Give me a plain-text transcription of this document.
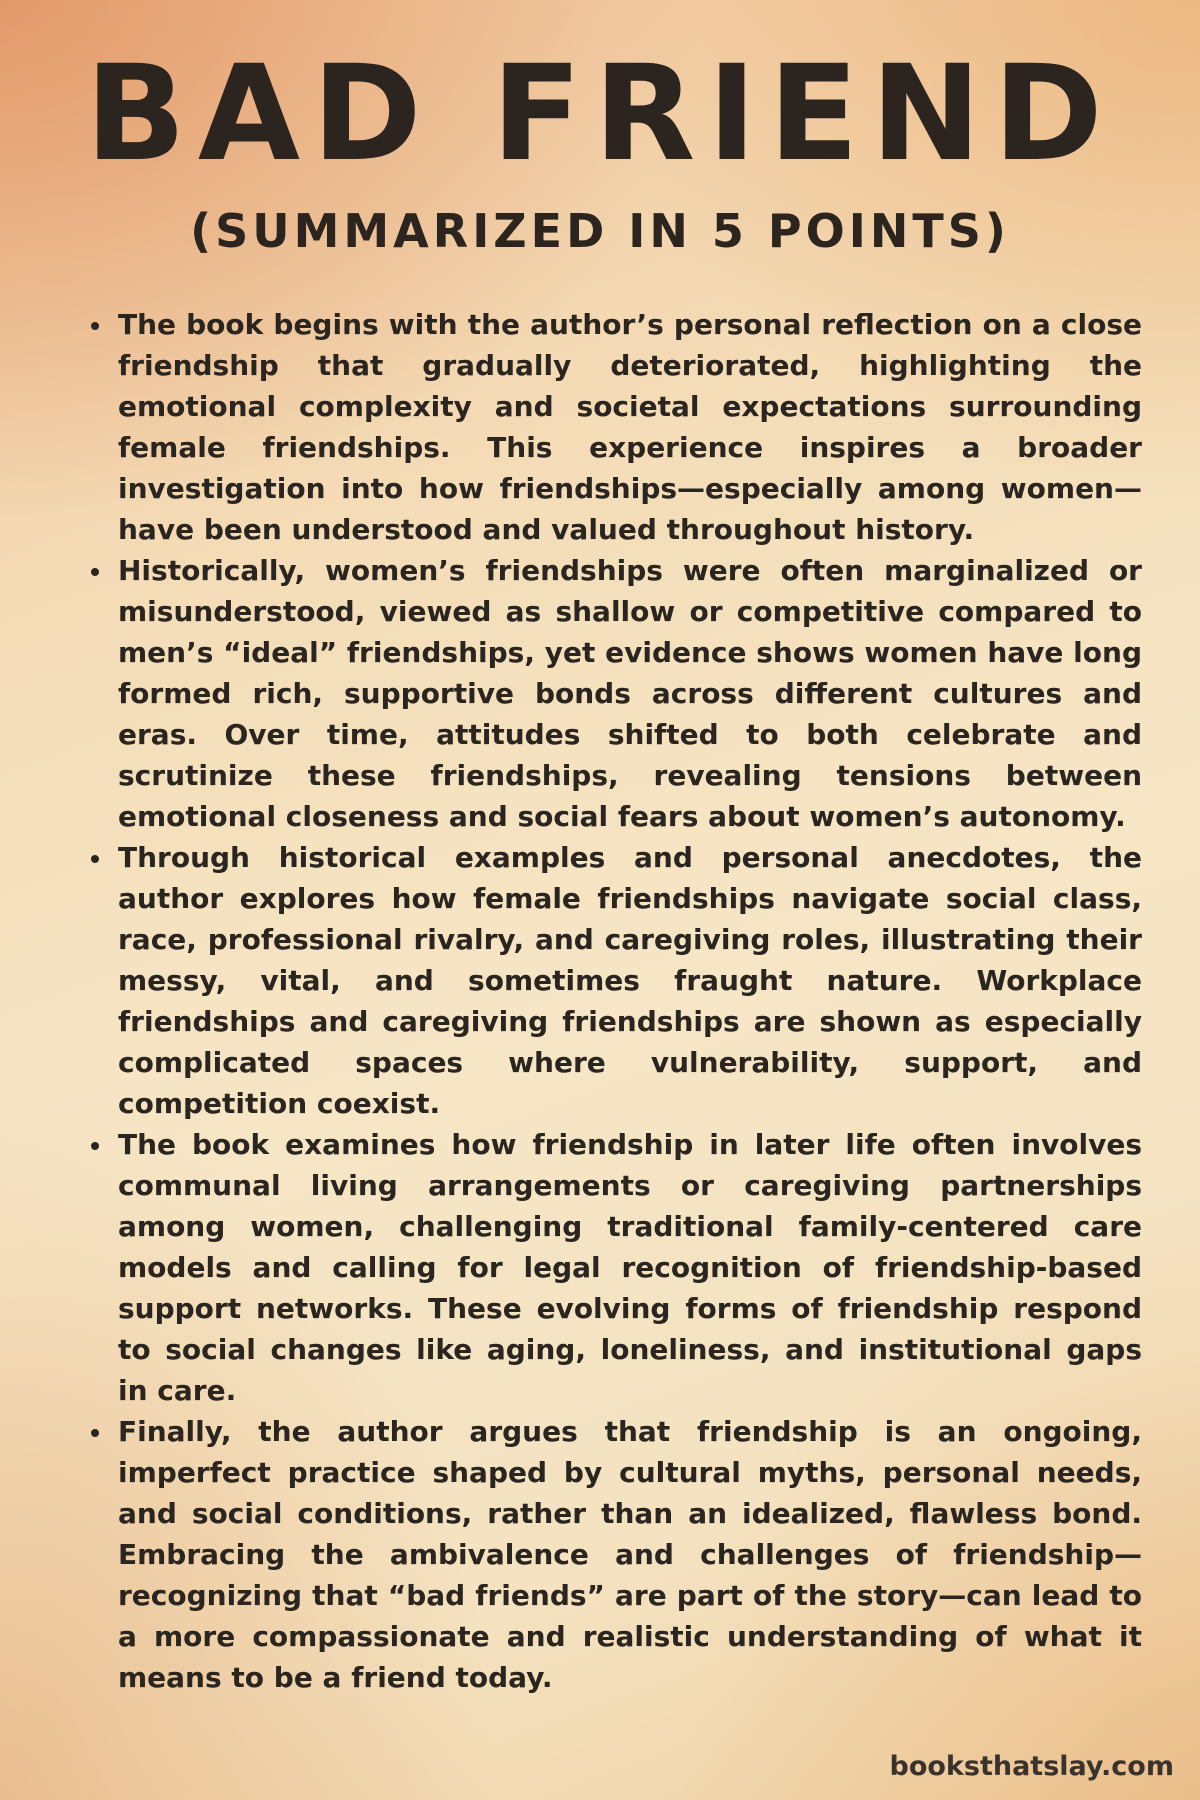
BAD FRIEND
(SUMMARIZED IN 5 POINTS)
The book begins with the author’s personal reflection on a close friendship that gradually deteriorated, highlighting the emotional complexity and societal expectations surrounding female friendships. This experience inspires a broader investigation into how friendships—especially among women—have been understood and valued throughout history.
Historically, women’s friendships were often marginalized or misunderstood, viewed as shallow or competitive compared to men’s “ideal” friendships, yet evidence shows women have long formed rich, supportive bonds across different cultures and eras. Over time, attitudes shifted to both celebrate and scrutinize these friendships, revealing tensions between emotional closeness and social fears about women’s autonomy.
Through historical examples and personal anecdotes, the author explores how female friendships navigate social class, race, professional rivalry, and caregiving roles, illustrating their messy, vital, and sometimes fraught nature. Workplace friendships and caregiving friendships are shown as especially complicated spaces where vulnerability, support, and competition coexist.
The book examines how friendship in later life often involves communal living arrangements or caregiving partnerships among women, challenging traditional family-centered care models and calling for legal recognition of friendship-based support networks. These evolving forms of friendship respond to social changes like aging, loneliness, and institutional gaps in care.
Finally, the author argues that friendship is an ongoing, imperfect practice shaped by cultural myths, personal needs, and social conditions, rather than an idealized, flawless bond. Embracing the ambivalence and challenges of friendship—recognizing that “bad friends” are part of the story—can lead to a more compassionate and realistic understanding of what it means to be a friend today.
booksthatslay.com
